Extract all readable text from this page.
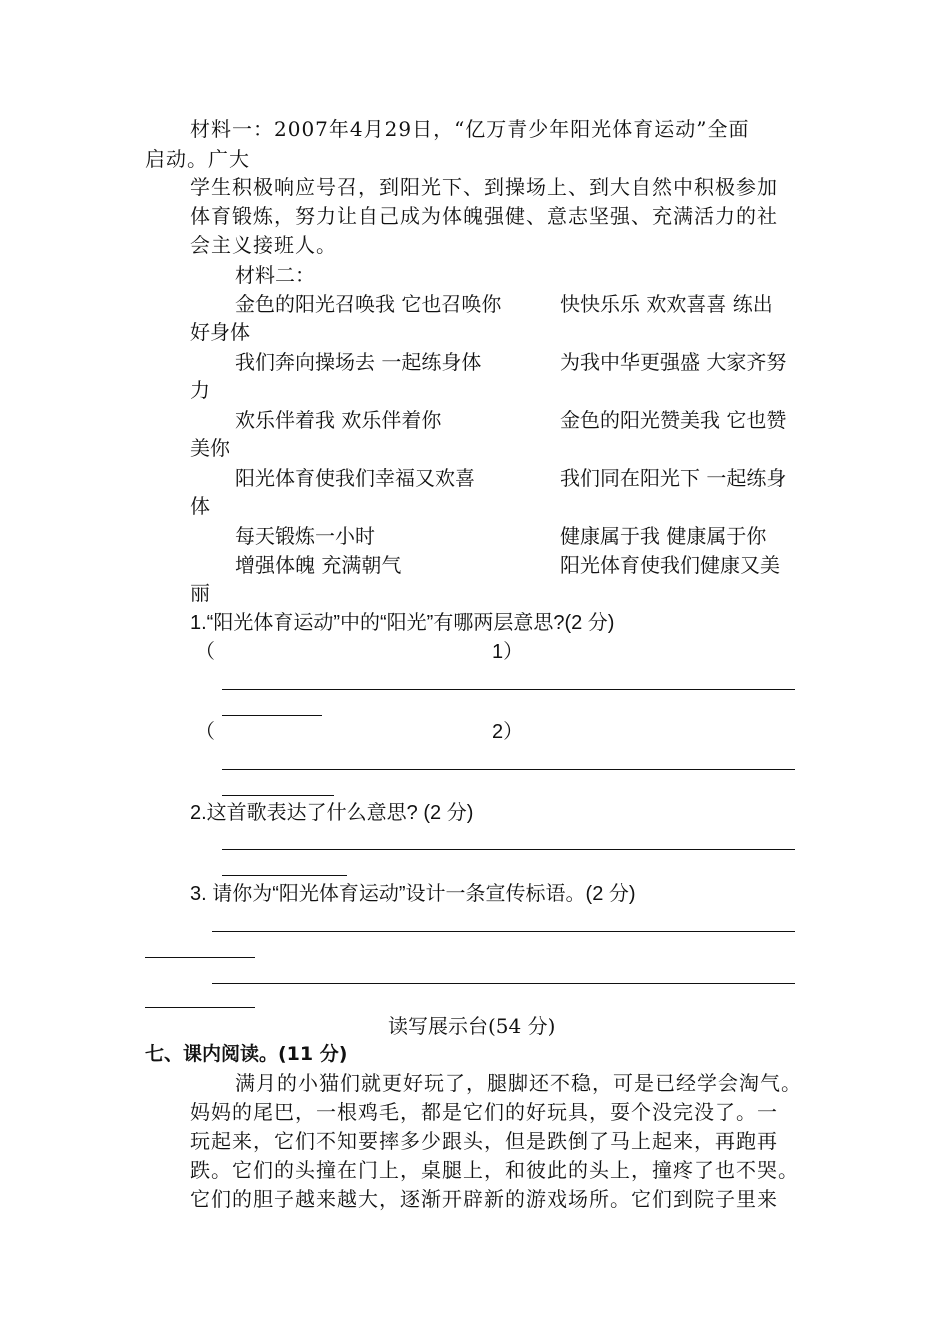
材料一：2007年4月29日，“亿万青少年阳光体育运动”全面
启动。广大
学生积极响应号召，到阳光下、到操场上、到大自然中积极参加
体育锻炼，努力让自己成为体魄强健、意志坚强、充满活力的社
会主义接班人。
材料二：
金色的阳光召唤我 它也召唤你	快快乐乐 欢欢喜喜 练出
好身体
我们奔向操场去 一起练身体	为我中华更强盛 大家齐努
力
欢乐伴着我 欢乐伴着你	金色的阳光赞美我 它也赞
美你
阳光体育使我们幸福又欢喜	我们同在阳光下 一起练身
体
每天锻炼一小时	健康属于我 健康属于你
增强体魄 充满朝气	阳光体育使我们健康又美
丽
1.“阳光体育运动”中的“阳光”有哪两层意思?(2 分)
（	1）
（	2）
2.这首歌表达了什么意思? (2 分)
3. 请你为“阳光体育运动”设计一条宣传标语。(2 分)
读写展示台(54 分)
七、课内阅读。(11 分)
满月的小猫们就更好玩了，腿脚还不稳，可是已经学会淘气。
妈妈的尾巴，一根鸡毛，都是它们的好玩具，耍个没完没了。一
玩起来，它们不知要摔多少跟头，但是跌倒了马上起来，再跑再
跌。它们的头撞在门上，桌腿上，和彼此的头上，撞疼了也不哭。
它们的胆子越来越大，逐渐开辟新的游戏场所。它们到院子里来
